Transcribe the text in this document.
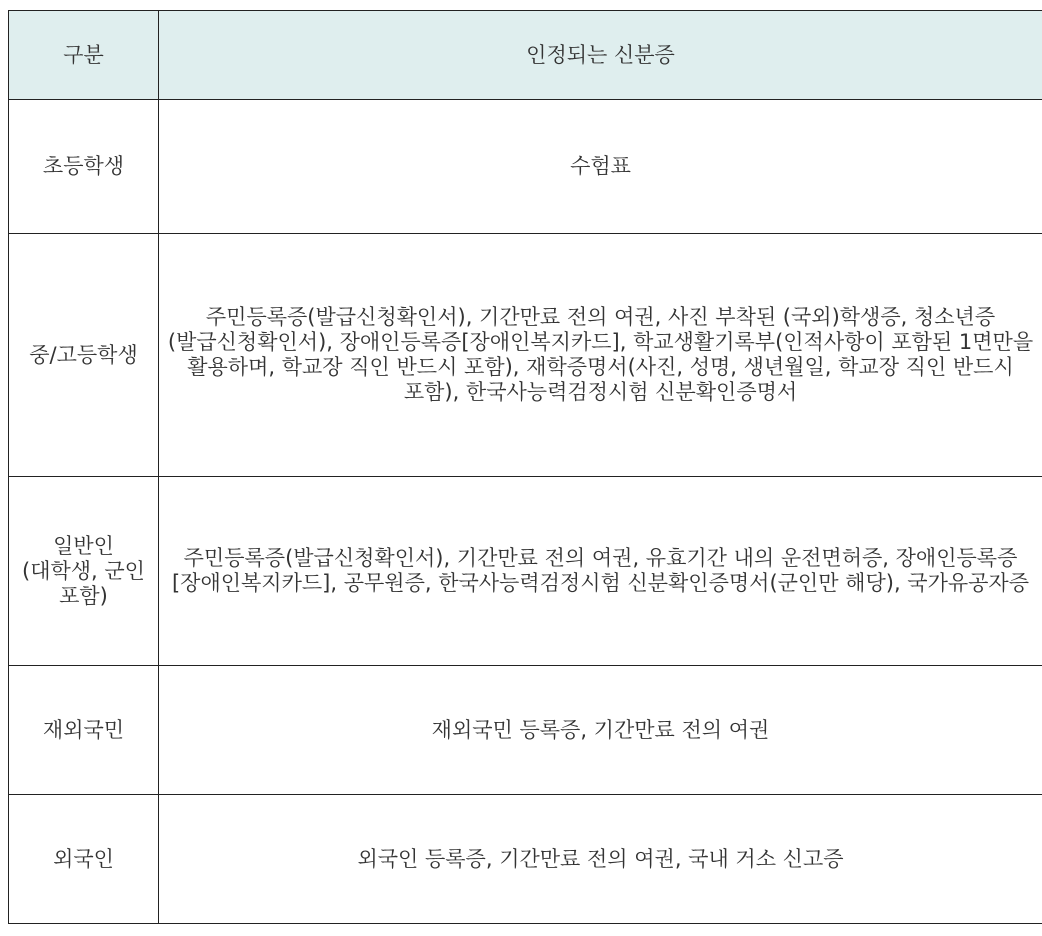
구분	인정되는 신분증
초등학생	수험표
중/고등학생	주민등록증(발급신청확인서), 기간만료 전의 여권, 사진 부착된 (국외)학생증, 청소년증(발급신청확인서), 장애인등록증[장애인복지카드], 학교생활기록부(인적사항이 포함된 1면만을 활용하며, 학교장 직인 반드시 포함), 재학증명서(사진, 성명, 생년월일, 학교장 직인 반드시 포함), 한국사능력검정시험 신분확인증명서
일반인 (대학생, 군인 포함)	주민등록증(발급신청확인서), 기간만료 전의 여권, 유효기간 내의 운전면허증, 장애인등록증[장애인복지카드], 공무원증, 한국사능력검정시험 신분확인증명서(군인만 해당), 국가유공자증
재외국민	재외국민 등록증, 기간만료 전의 여권
외국인	외국인 등록증, 기간만료 전의 여권, 국내 거소 신고증
